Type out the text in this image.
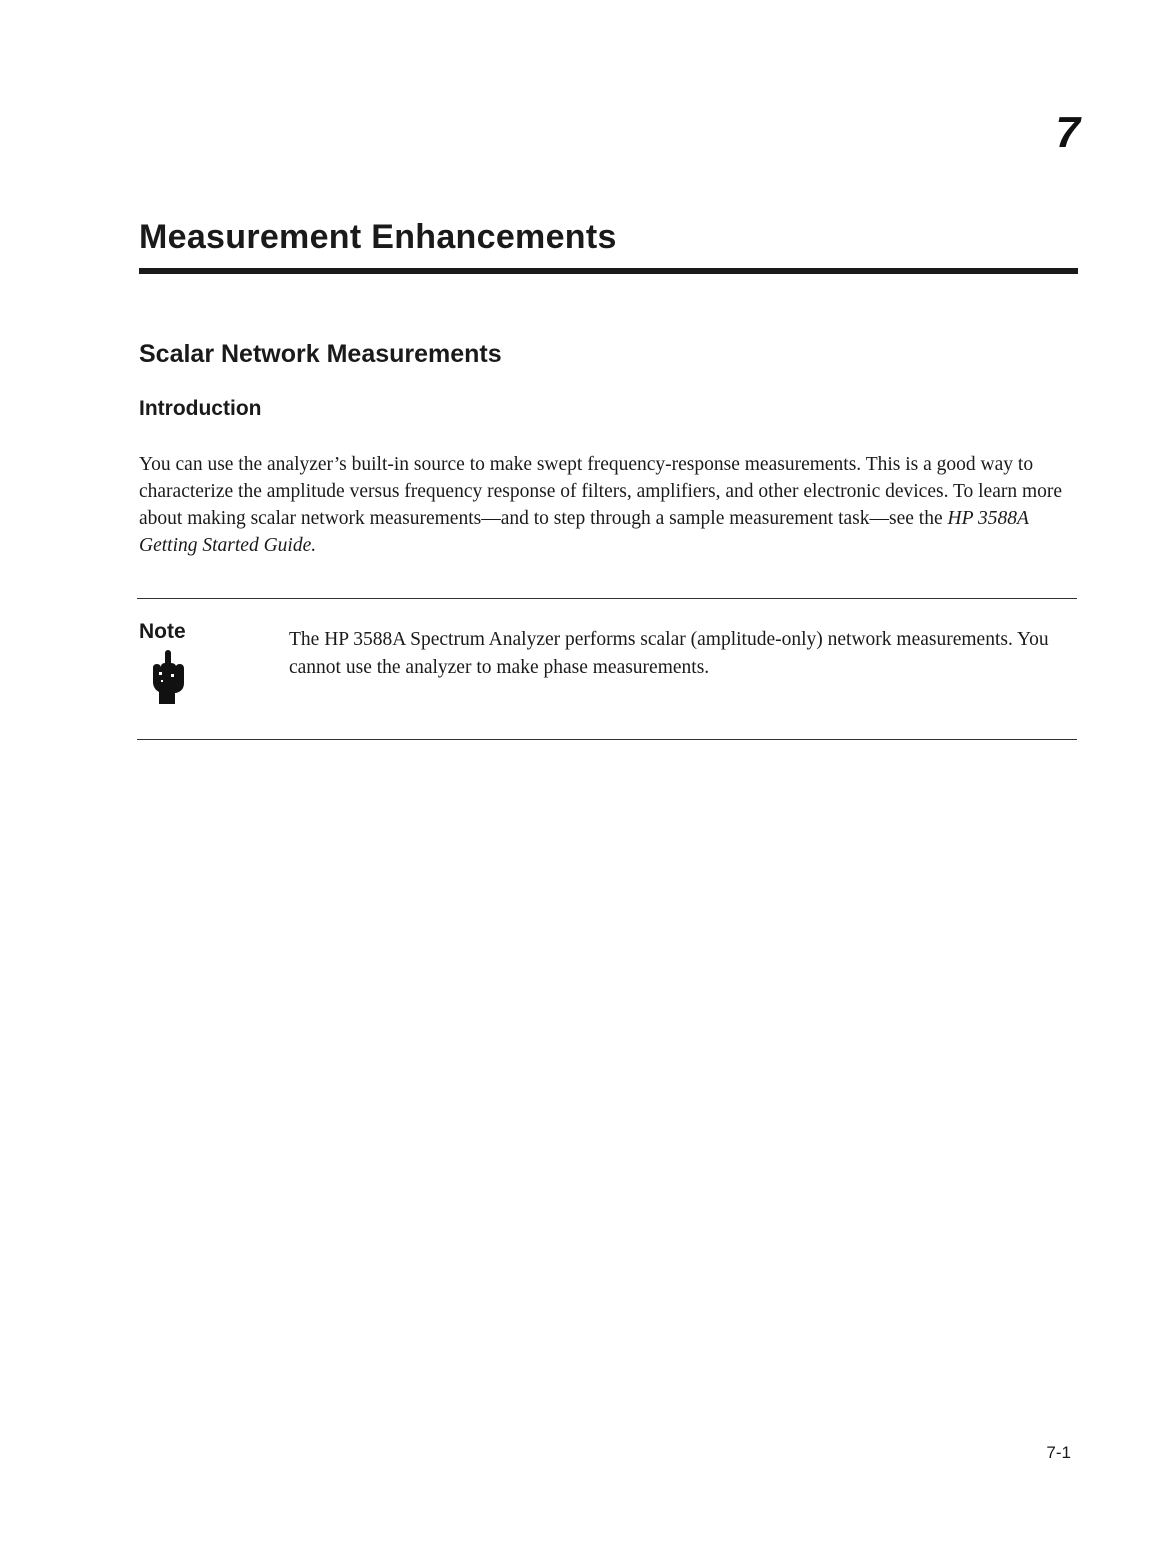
7
Measurement Enhancements
Scalar Network Measurements
Introduction

You can use the analyzer’s built-in source to make swept frequency-response measurements. This is a good way to characterize the amplitude versus frequency response of filters, amplifiers, and other electronic devices. To learn more about making scalar network measurements—and to step through a sample measurement task—see the HP 3588A Getting Started Guide.

Note	The HP 3588A Spectrum Analyzer performs scalar (amplitude-only) network measurements. You cannot use the analyzer to make phase measurements.

7-1
